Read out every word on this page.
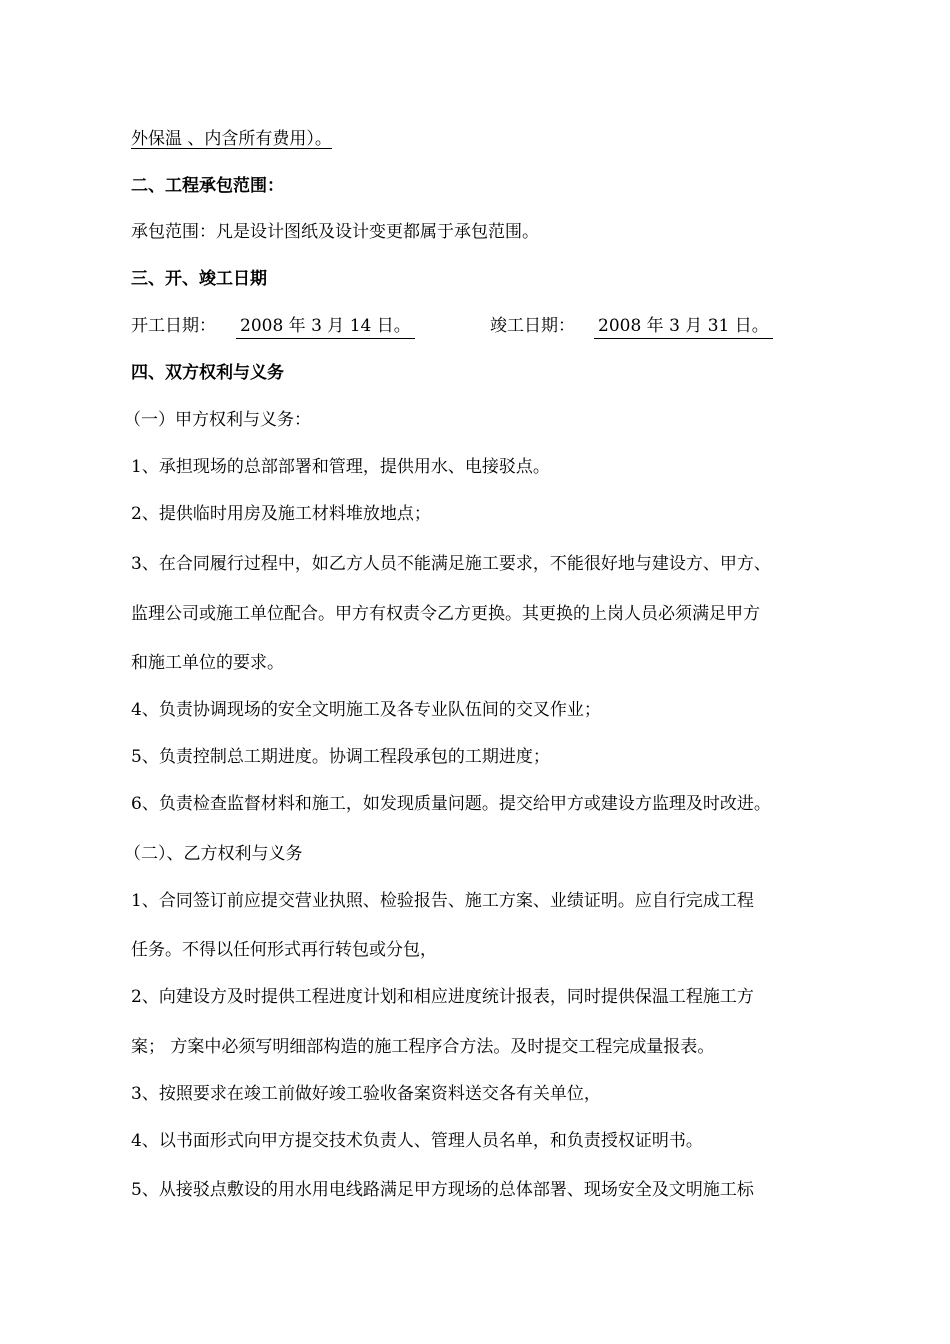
外保温 、内含所有费用）。
二、工程承包范围：
承包范围：凡是设计图纸及设计变更都属于承包范围。
三、开、竣工日期
开工日期： 2008 年 3 月 14 日。	竣工日期： 2008 年 3 月 31 日。
四、双方权利与义务
（一）甲方权利与义务：
1、承担现场的总部部署和管理，提供用水、电接驳点。
2、提供临时用房及施工材料堆放地点；
3、在合同履行过程中，如乙方人员不能满足施工要求，不能很好地与建设方、甲方、
监理公司或施工单位配合。甲方有权责令乙方更换。其更换的上岗人员必须满足甲方
和施工单位的要求。
4、负责协调现场的安全文明施工及各专业队伍间的交叉作业；
5、负责控制总工期进度。协调工程段承包的工期进度；
6、负责检查监督材料和施工，如发现质量问题。提交给甲方或建设方监理及时改进。
（二）、乙方权利与义务
1、合同签订前应提交营业执照、检验报告、施工方案、业绩证明。应自行完成工程
任务。不得以任何形式再行转包或分包，
2、向建设方及时提供工程进度计划和相应进度统计报表，同时提供保温工程施工方
案； 方案中必须写明细部构造的施工程序合方法。及时提交工程完成量报表。
3、按照要求在竣工前做好竣工验收备案资料送交各有关单位，
4、以书面形式向甲方提交技术负责人、管理人员名单，和负责授权证明书。
5、从接驳点敷设的用水用电线路满足甲方现场的总体部署、现场安全及文明施工标
